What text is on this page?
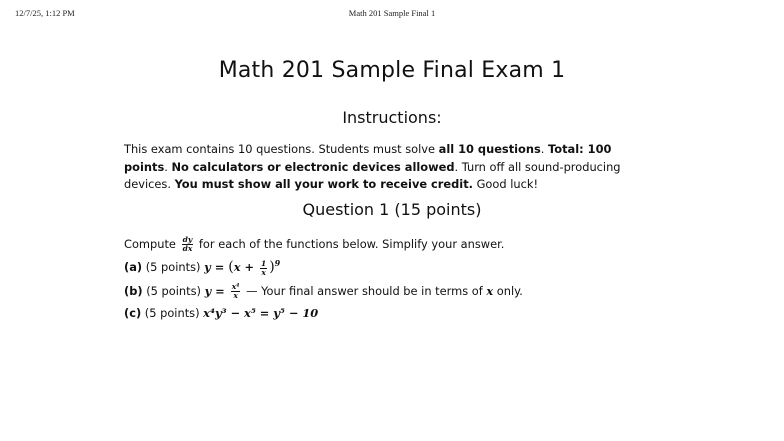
12/7/25, 1:12 PM	Math 201 Sample Final 1
Math 201 Sample Final Exam 1
Instructions:

This exam contains 10 questions. Students must solve all 10 questions. Total: 100 points. No calculators or electronic devices allowed. Turn off all sound-producing devices. You must show all your work to receive credit. Good luck!

Question 1 (15 points)
Compute $\frac{dy}{dx}$ for each of the functions below. Simplify your answer.
(a) (5 points) $y = (x + \frac{1}{x} )^9$
(b) (5 points) $y = \frac{\text{x⁴}}{x}$ — Your final answer should be in terms of x only.
(c) (5 points) x⁴y³ − x⁵ = y⁵ − 10
